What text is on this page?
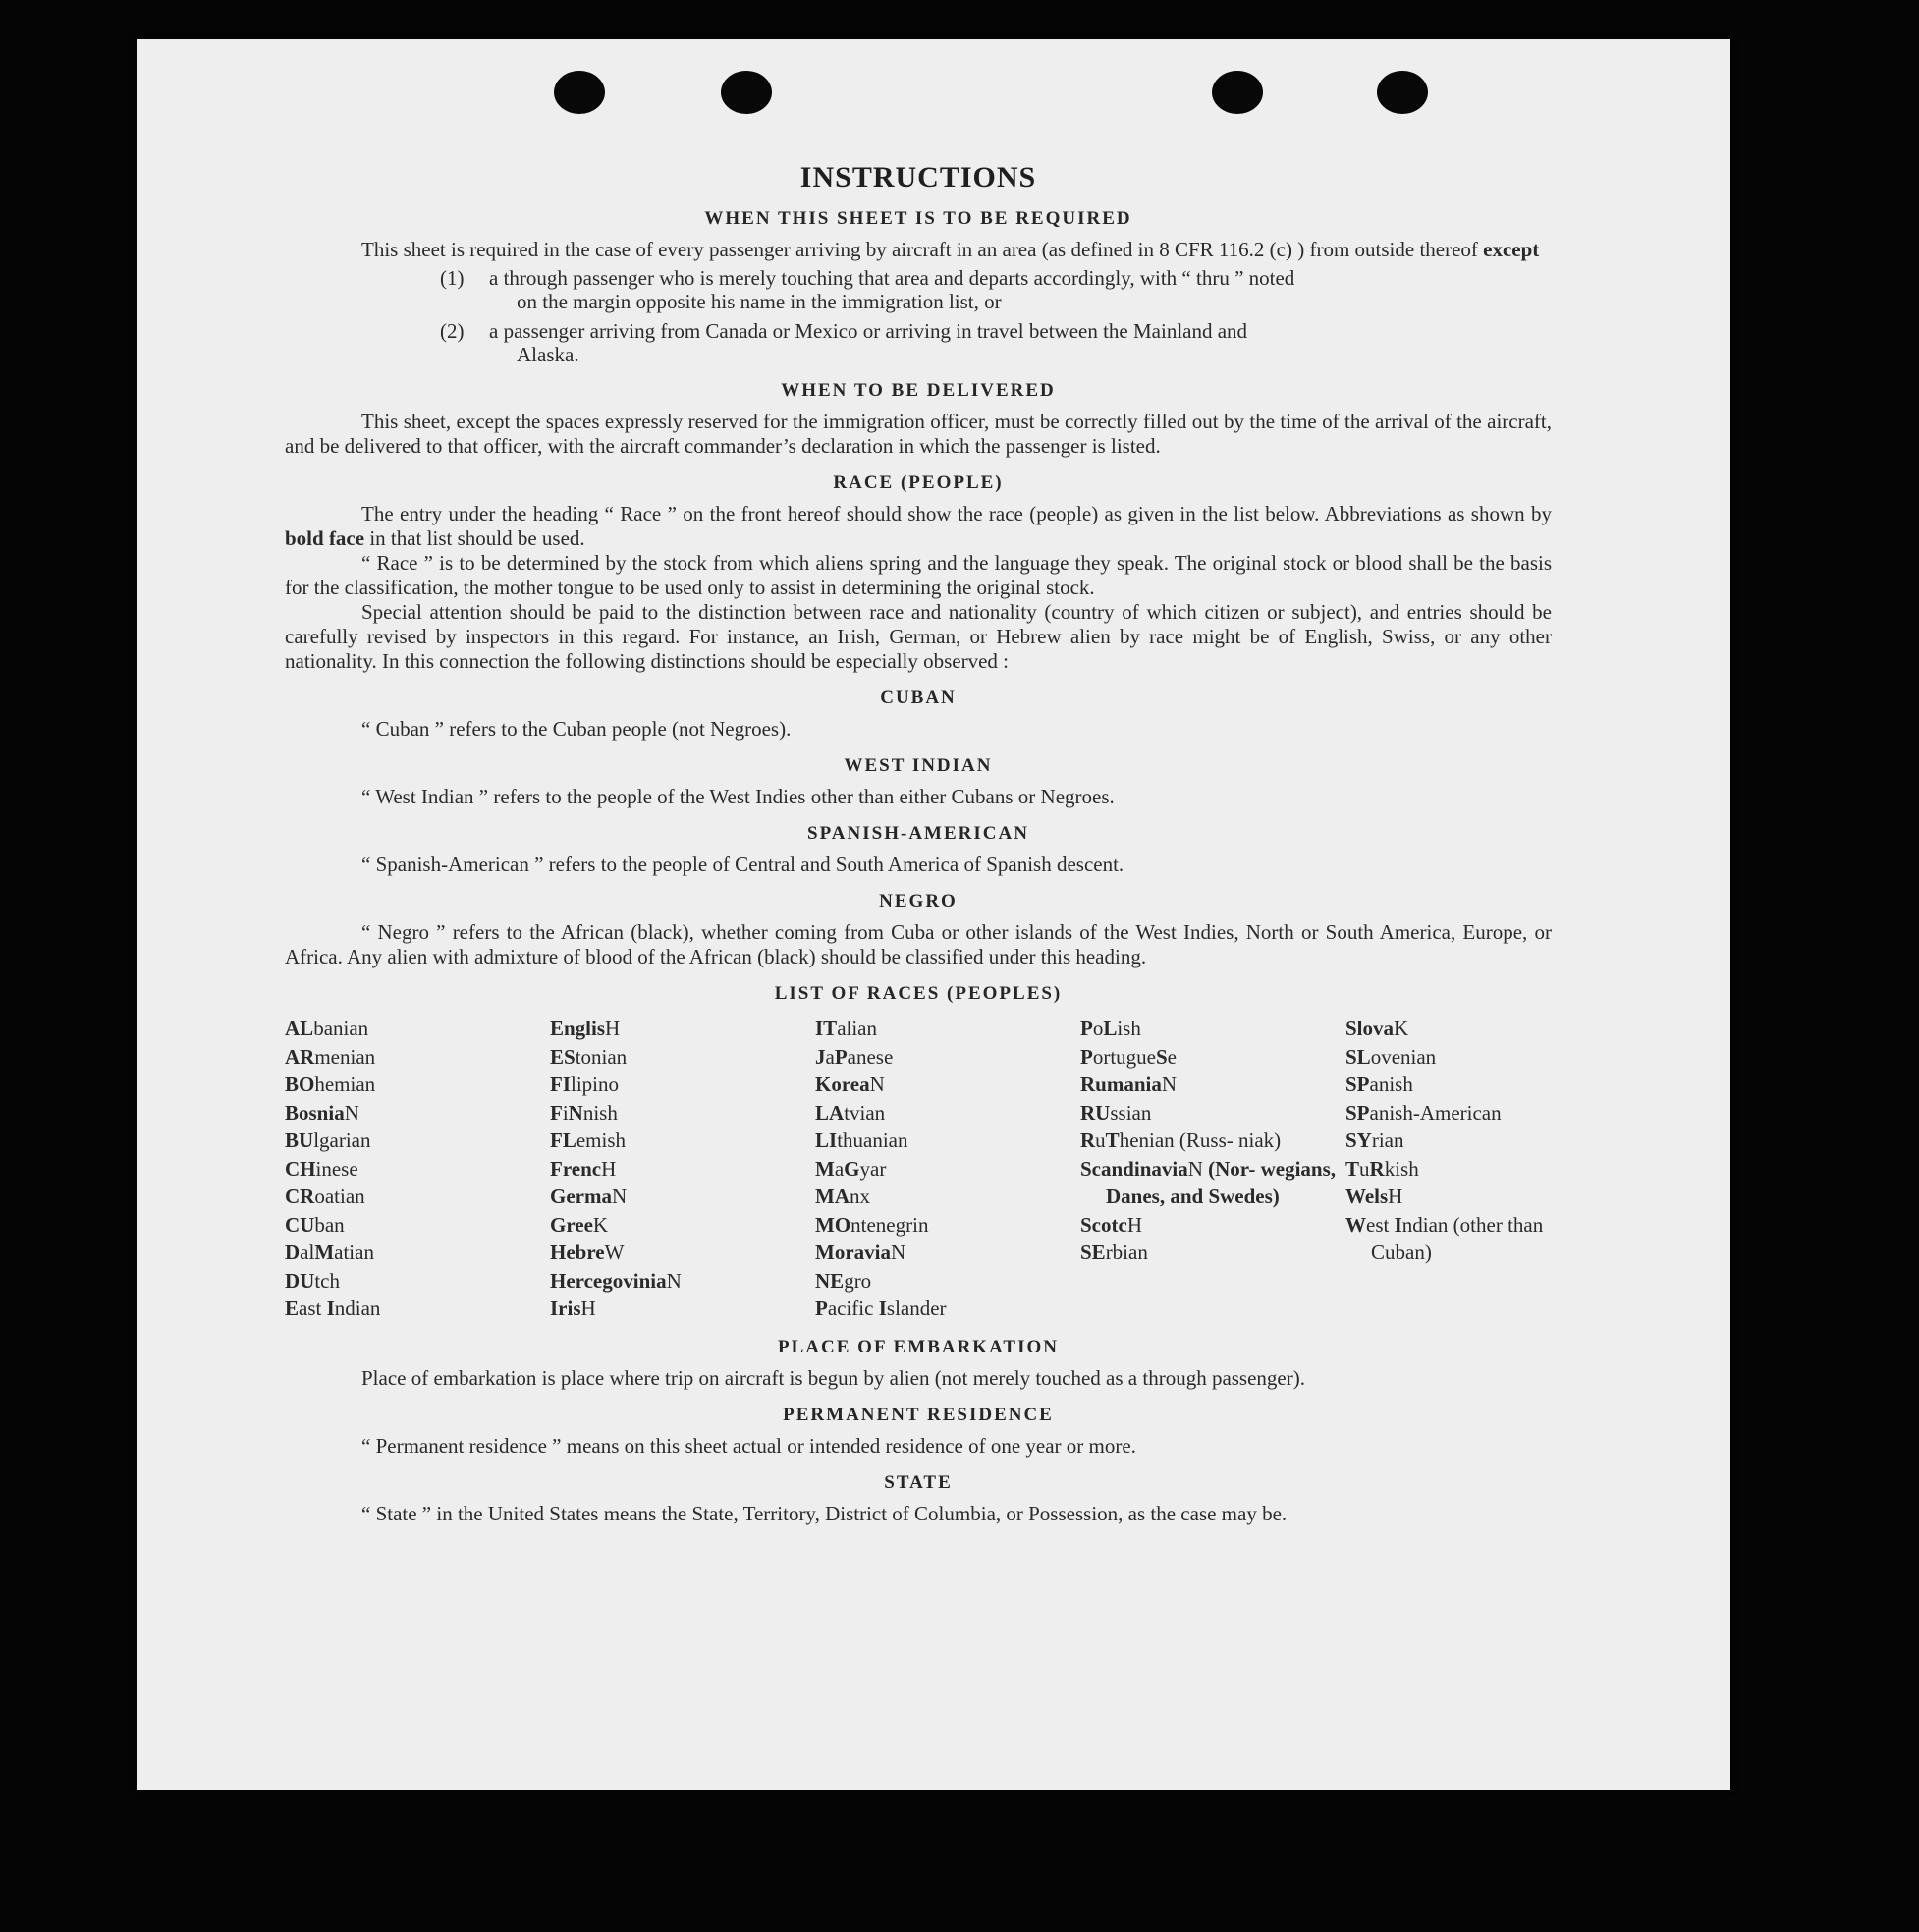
INSTRUCTIONS
WHEN THIS SHEET IS TO BE REQUIRED

This sheet is required in the case of every passenger arriving by aircraft in an area (as defined in 8 CFR 116.2 (c) ) from outside thereof except

(1)	a through passenger who is merely touching that area and departs accordingly, with “ thru ” noted
on the margin opposite his name in the immigration list, or
(2)	a passenger arriving from Canada or Mexico or arriving in travel between the Mainland and
Alaska.
WHEN TO BE DELIVERED

This sheet, except the spaces expressly reserved for the immigration officer, must be correctly filled out by the time of the arrival of the aircraft, and be delivered to that officer, with the aircraft commander’s declaration in which the passenger is listed.

RACE (PEOPLE)

The entry under the heading “ Race ” on the front hereof should show the race (people) as given in the list below. Abbreviations as shown by bold face in that list should be used.

“ Race ” is to be determined by the stock from which aliens spring and the language they speak. The original stock or blood shall be the basis for the classification, the mother tongue to be used only to assist in determining the original stock.

Special attention should be paid to the distinction between race and nationality (country of which citizen or subject), and entries should be carefully revised by inspectors in this regard. For instance, an Irish, German, or Hebrew alien by race might be of English, Swiss, or any other nationality. In this connection the following distinctions should be especially observed :

CUBAN

“ Cuban ” refers to the Cuban people (not Negroes).

WEST INDIAN

“ West Indian ” refers to the people of the West Indies other than either Cubans or Negroes.

SPANISH-AMERICAN

“ Spanish-American ” refers to the people of Central and South America of Spanish descent.

NEGRO

“ Negro ” refers to the African (black), whether coming from Cuba or other islands of the West Indies, North or South America, Europe, or Africa. Any alien with admixture of blood of the African (black) should be classified under this heading.

LIST OF RACES (PEOPLES)
ALbanian
ARmenian
BOhemian
BosniaN
BUlgarian
CHinese
CRoatian
CUban
DalMatian
DUtch
East Indian
EnglisH
EStonian
FIlipino
FiNnish
FLemish
FrencH
GermaN
GreeK
HebreW
HercegoviniaN
IrisH
ITalian
JaPanese
KoreaN
LAtvian
LIthuanian
MaGyar
MAnx
MOntenegrin
MoraviaN
NEgro
Pacific Islander
PoLish
PortugueSe
RumaniaN
RUssian
RuThenian (Russ- niak)
ScandinaviaN (Nor- wegians, Danes, and Swedes)
ScotcH
SErbian
SlovaK
SLovenian
SPanish
SPanish-American
SYrian
TuRkish
WelsH
West Indian (other than Cuban)
PLACE OF EMBARKATION

Place of embarkation is place where trip on aircraft is begun by alien (not merely touched as a through passenger).

PERMANENT RESIDENCE

“ Permanent residence ” means on this sheet actual or intended residence of one year or more.

STATE

“ State ” in the United States means the State, Territory, District of Columbia, or Possession, as the case may be.
